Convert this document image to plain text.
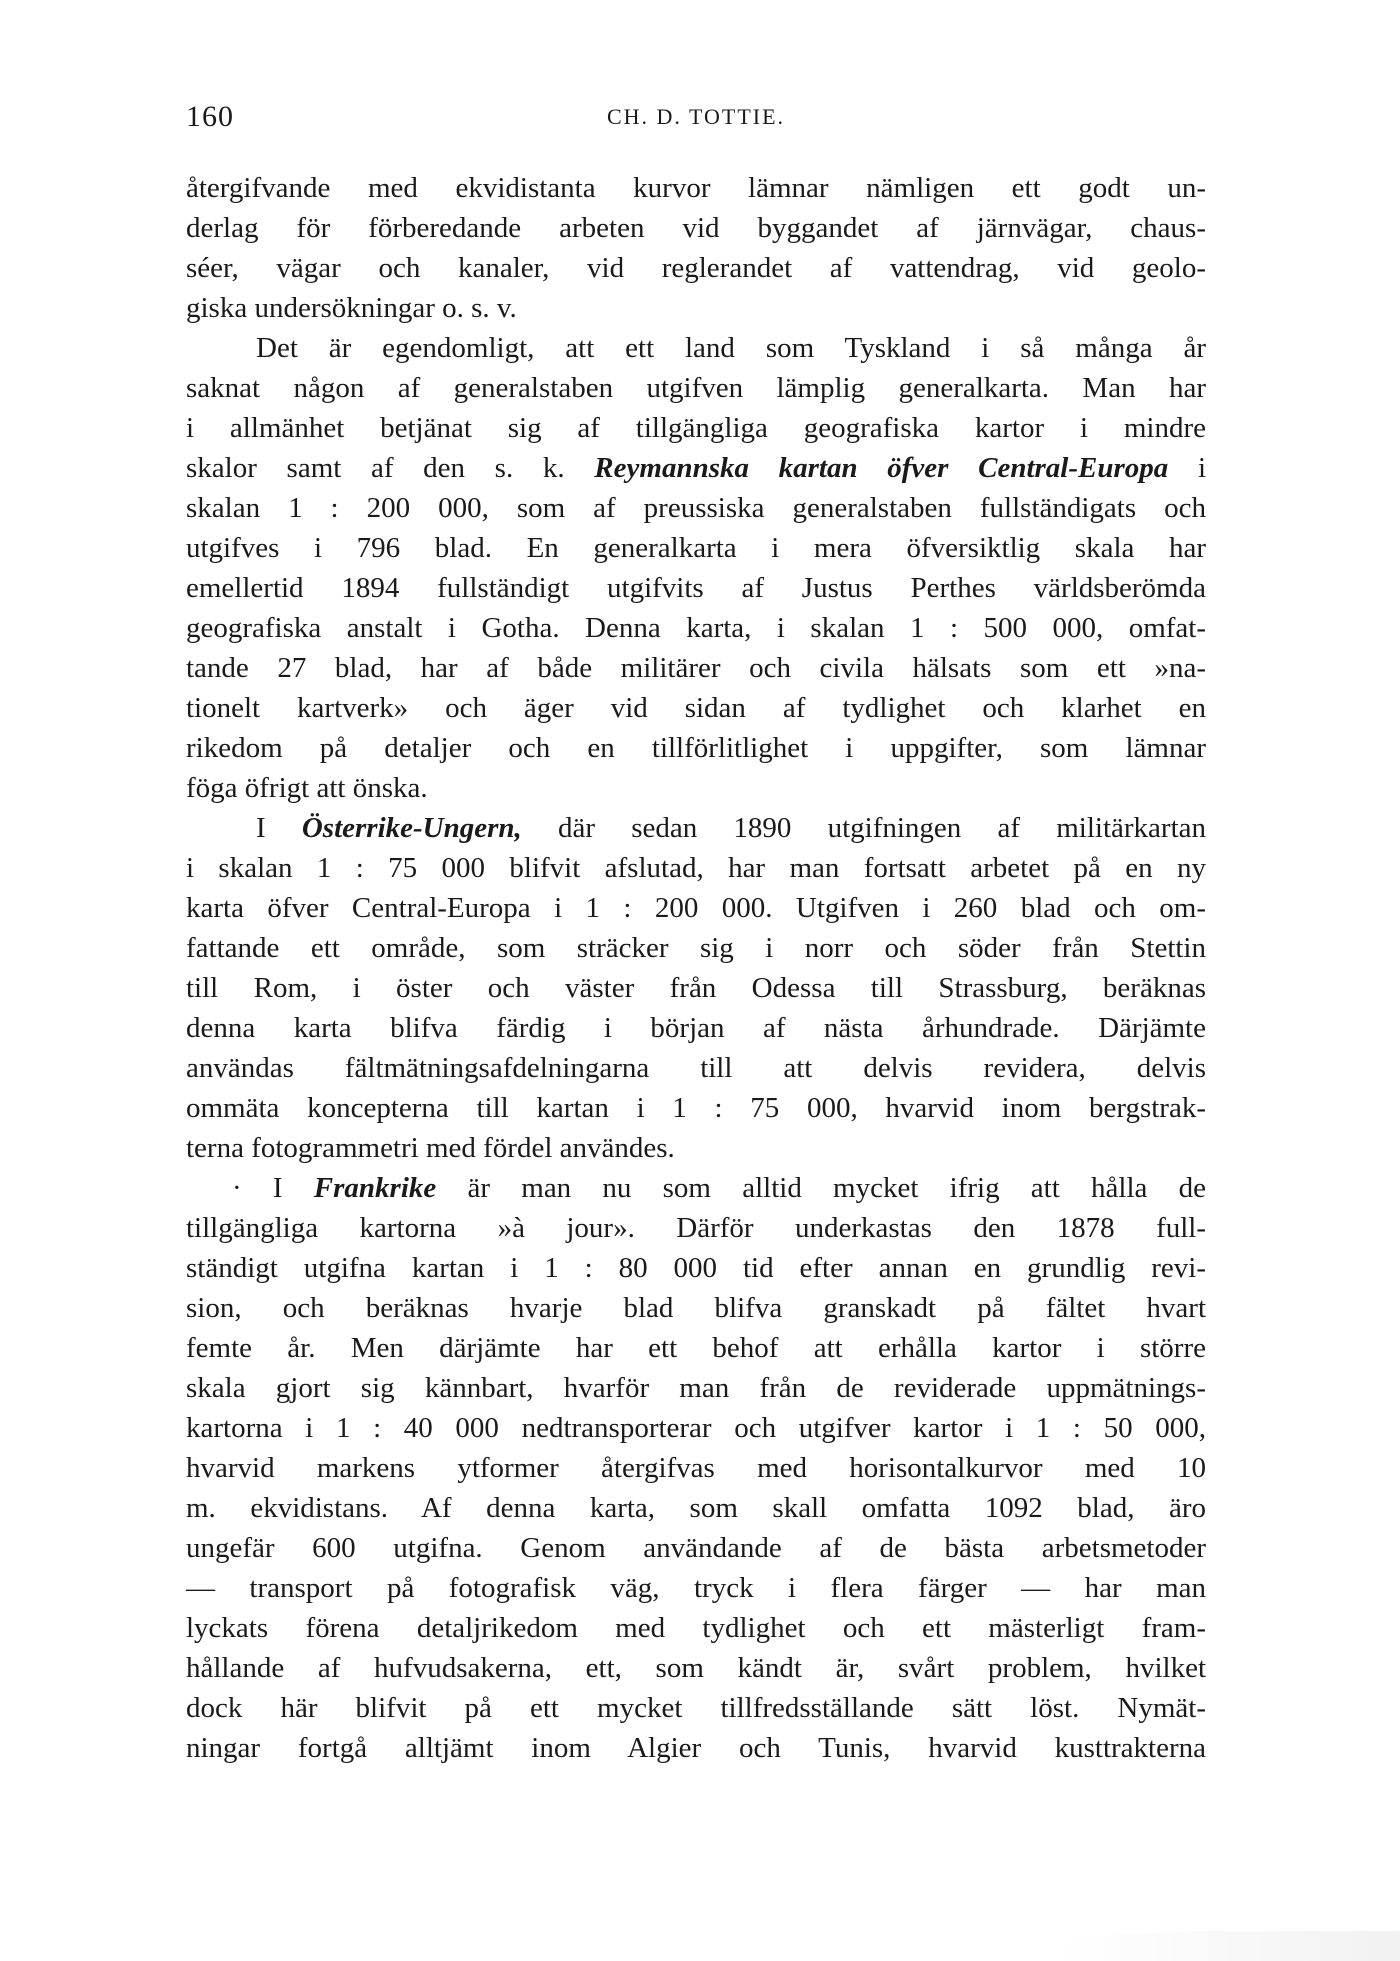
160	CH. D. TOTTIE.
återgifvande med ekvidistanta kurvor lämnar nämligen ett godt un-
derlag för förberedande arbeten vid byggandet af järnvägar, chaus-
séer, vägar och kanaler, vid reglerandet af vattendrag, vid geolo-
giska undersökningar o. s. v.
Det är egendomligt, att ett land som Tyskland i så många år
saknat någon af generalstaben utgifven lämplig generalkarta. Man har
i allmänhet betjänat sig af tillgängliga geografiska kartor i mindre
skalor samt af den s. k. Reymannska kartan öfver Central-Europa i
skalan 1 : 200 000, som af preussiska generalstaben fullständigats och
utgifves i 796 blad. En generalkarta i mera öfversiktlig skala har
emellertid 1894 fullständigt utgifvits af Justus Perthes världsberömda
geografiska anstalt i Gotha. Denna karta, i skalan 1 : 500 000, omfat-
tande 27 blad, har af både militärer och civila hälsats som ett »na-
tionelt kartverk» och äger vid sidan af tydlighet och klarhet en
rikedom på detaljer och en tillförlitlighet i uppgifter, som lämnar
föga öfrigt att önska.
I Österrike-Ungern, där sedan 1890 utgifningen af militärkartan
i skalan 1 : 75 000 blifvit afslutad, har man fortsatt arbetet på en ny
karta öfver Central-Europa i 1 : 200 000. Utgifven i 260 blad och om-
fattande ett område, som sträcker sig i norr och söder från Stettin
till Rom, i öster och väster från Odessa till Strassburg, beräknas
denna karta blifva färdig i början af nästa århundrade. Därjämte
användas fältmätningsafdelningarna till att delvis revidera, delvis
ommäta koncepterna till kartan i 1 : 75 000, hvarvid inom bergstrak-
terna fotogrammetri med fördel användes.
· I Frankrike är man nu som alltid mycket ifrig att hålla de
tillgängliga kartorna »à jour». Därför underkastas den 1878 full-
ständigt utgifna kartan i 1 : 80 000 tid efter annan en grundlig revi-
sion, och beräknas hvarje blad blifva granskadt på fältet hvart
femte år. Men därjämte har ett behof att erhålla kartor i större
skala gjort sig kännbart, hvarför man från de reviderade uppmätnings-
kartorna i 1 : 40 000 nedtransporterar och utgifver kartor i 1 : 50 000,
hvarvid markens ytformer återgifvas med horisontalkurvor med 10
m. ekvidistans. Af denna karta, som skall omfatta 1092 blad, äro
ungefär 600 utgifna. Genom användande af de bästa arbetsmetoder
— transport på fotografisk väg, tryck i flera färger — har man
lyckats förena detaljrikedom med tydlighet och ett mästerligt fram-
hållande af hufvudsakerna, ett, som kändt är, svårt problem, hvilket
dock här blifvit på ett mycket tillfredsställande sätt löst. Nymät-
ningar fortgå alltjämt inom Algier och Tunis, hvarvid kusttrakterna
